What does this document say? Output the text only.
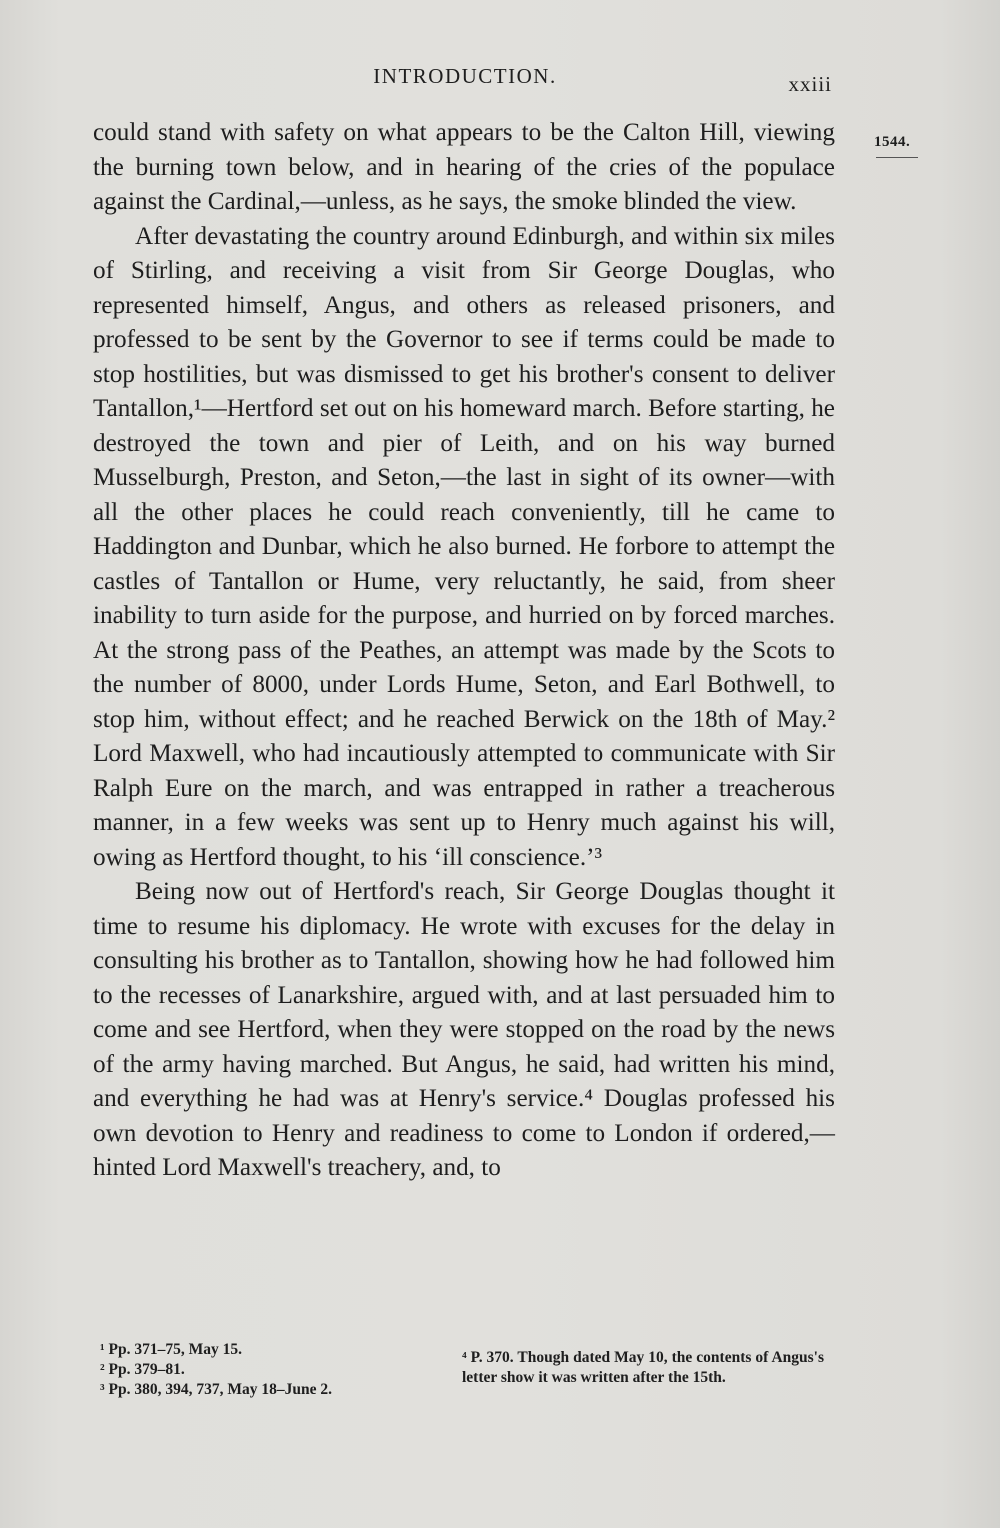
INTRODUCTION.	xxiii
1544.

could stand with safety on what appears to be the Calton Hill, viewing the burning town below, and in hearing of the cries of the populace against the Cardinal,—unless, as he says, the smoke blinded the view.

After devastating the country around Edinburgh, and within six miles of Stirling, and receiving a visit from Sir George Douglas, who represented himself, Angus, and others as released prisoners, and professed to be sent by the Governor to see if terms could be made to stop hostilities, but was dismissed to get his brother's consent to deliver Tantallon,¹—Hertford set out on his homeward march. Before starting, he destroyed the town and pier of Leith, and on his way burned Musselburgh, Preston, and Seton,—the last in sight of its owner—with all the other places he could reach conveniently, till he came to Haddington and Dunbar, which he also burned. He forbore to attempt the castles of Tantallon or Hume, very reluctantly, he said, from sheer inability to turn aside for the purpose, and hurried on by forced marches. At the strong pass of the Peathes, an attempt was made by the Scots to the number of 8000, under Lords Hume, Seton, and Earl Bothwell, to stop him, without effect; and he reached Berwick on the 18th of May.² Lord Maxwell, who had incautiously attempted to communicate with Sir Ralph Eure on the march, and was entrapped in rather a treacherous manner, in a few weeks was sent up to Henry much against his will, owing as Hertford thought, to his ‘ill conscience.’³

Being now out of Hertford's reach, Sir George Douglas thought it time to resume his diplomacy. He wrote with excuses for the delay in consulting his brother as to Tantallon, showing how he had followed him to the recesses of Lanarkshire, argued with, and at last persuaded him to come and see Hertford, when they were stopped on the road by the news of the army having marched. But Angus, he said, had written his mind, and everything he had was at Henry's service.⁴ Douglas professed his own devotion to Henry and readiness to come to London if ordered,—hinted Lord Maxwell's treachery, and, to

¹ Pp. 371–75, May 15.
² Pp. 379–81.
³ Pp. 380, 394, 737, May 18–June 2.
⁴ P. 370. Though dated May 10, the contents of Angus's letter show it was written after the 15th.
